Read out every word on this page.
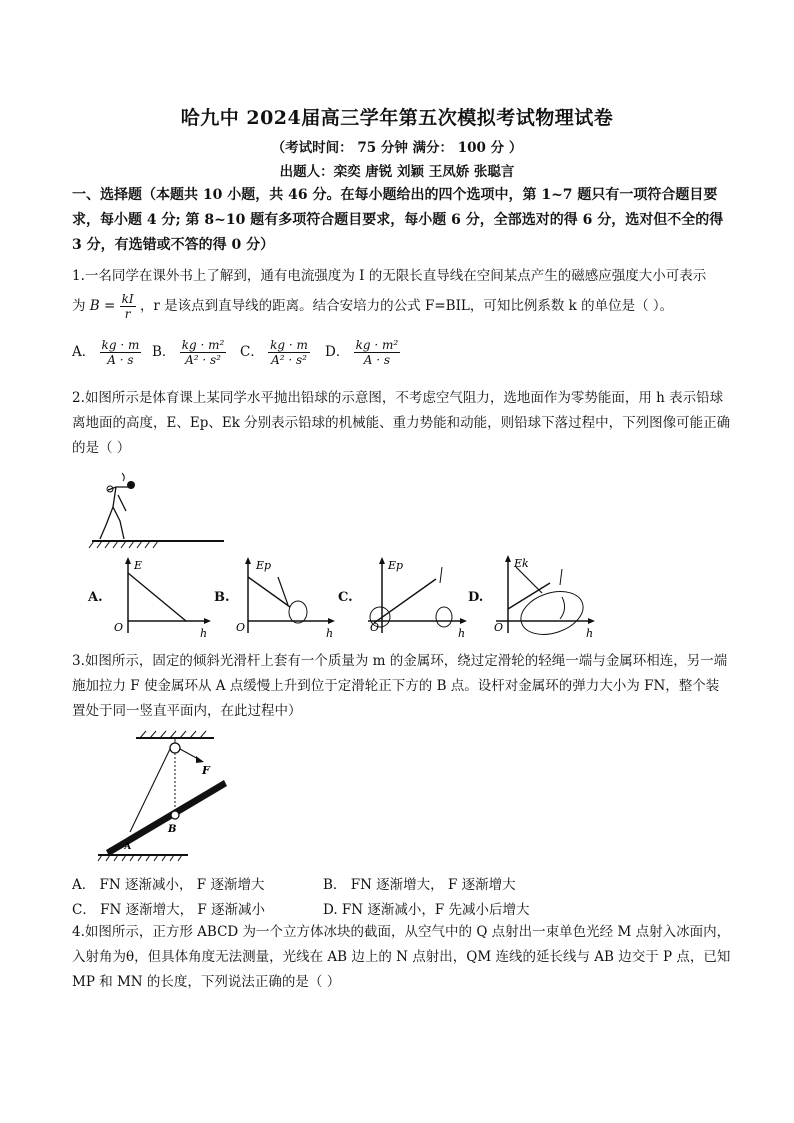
哈九中 2024届高三学年第五次模拟考试物理试卷
（考试时间： 75 分钟 满分： 100 分 ）
出题人：栾奕 唐锐 刘颖 王凤娇 张聪言
一、选择题（本题共 10 小题，共 46 分。在每小题给出的四个选项中，第 1~7 题只有一项符合题目要求，每小题 4 分; 第 8~10 题有多项符合题目要求，每小题 6 分，全部选对的得 6 分，选对但不全的得 3 分，有选错或不答的得 0 分）
1.一名同学在课外书上了解到，通有电流强度为 I 的无限长直导线在空间某点产生的磁感应强度大小可表示
为 $B = \frac{kI}{r}$ ，r 是该点到直导线的距离。结合安培力的公式 F=BIL，可知比例系数 k 的单位是（ ）。
A． $\frac{kg \cdot m}{A \cdot s}$ B． $\frac{\text{kg · m²}}{\text{A² · s²}}$ C． $\frac{kg \cdot m}{\text{A² · s²}}$ D． $\frac{\text{kg · m²}}{A \cdot s}$
2.如图所示是体育课上某同学水平抛出铅球的示意图，不考虑空气阻力，选地面作为零势能面，用 h 表示铅球离地面的高度，E、Ep、Ek 分别表示铅球的机械能、重力势能和动能，则铅球下落过程中，下列图像可能正确的是（ ）
A.
E
O	h
B.
Ep
O	h
C.
Ep
O	h
D.
Ek
O	h
3.如图所示，固定的倾斜光滑杆上套有一个质量为 m 的金属环，绕过定滑轮的轻绳一端与金属环相连，另一端施加拉力 F 使金属环从 A 点缓慢上升到位于定滑轮正下方的 B 点。设杆对金属环的弹力大小为 FN，整个装置处于同一竖直平面内，在此过程中）
F
B
A
A． FN 逐渐减小， F 逐渐增大	B． FN 逐渐增大， F 逐渐增大
C． FN 逐渐增大， F 逐渐减小	D. FN 逐渐减小，F 先减小后增大
4.如图所示，正方形 ABCD 为一个立方体冰块的截面，从空气中的 Q 点射出一束单色光经 M 点射入冰面内，入射角为θ，但具体角度无法测量，光线在 AB 边上的 N 点射出，QM 连线的延长线与 AB 边交于 P 点，已知 MP 和 MN 的长度，下列说法正确的是（ ）
